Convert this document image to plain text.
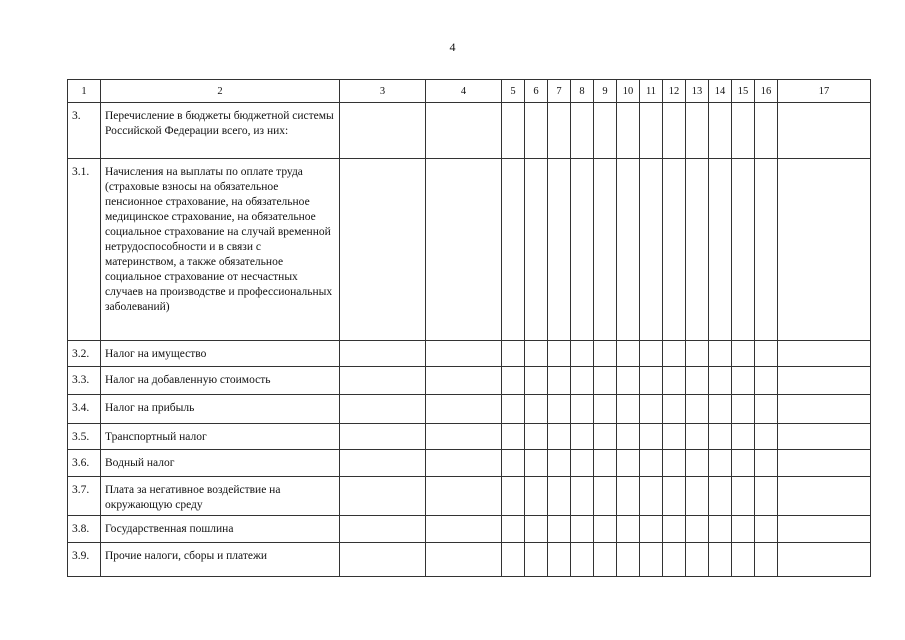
4
1	2	3	4	5	6	7	8	9	10	11	12	13	14	15	16	17
3.	Перечисление в бюджеты бюджетной системы Российской Федерации всего, из них:															
3.1.	Начисления на выплаты по оплате труда (страховые взносы на обязательное пенсионное страхование, на обязательное медицинское страхование, на обязательное социальное страхование на случай временной нетрудоспособности и в связи с материнством, а также обязательное социальное страхование от несчастных случаев на производстве и профессиональных заболеваний)															
3.2.	Налог на имущество															
3.3.	Налог на добавленную стоимость															
3.4.	Налог на прибыль															
3.5.	Транспортный налог															
3.6.	Водный налог															
3.7.	Плата за негативное воздействие на окружающую среду															
3.8.	Государственная пошлина															
3.9.	Прочие налоги, сборы и платежи															
